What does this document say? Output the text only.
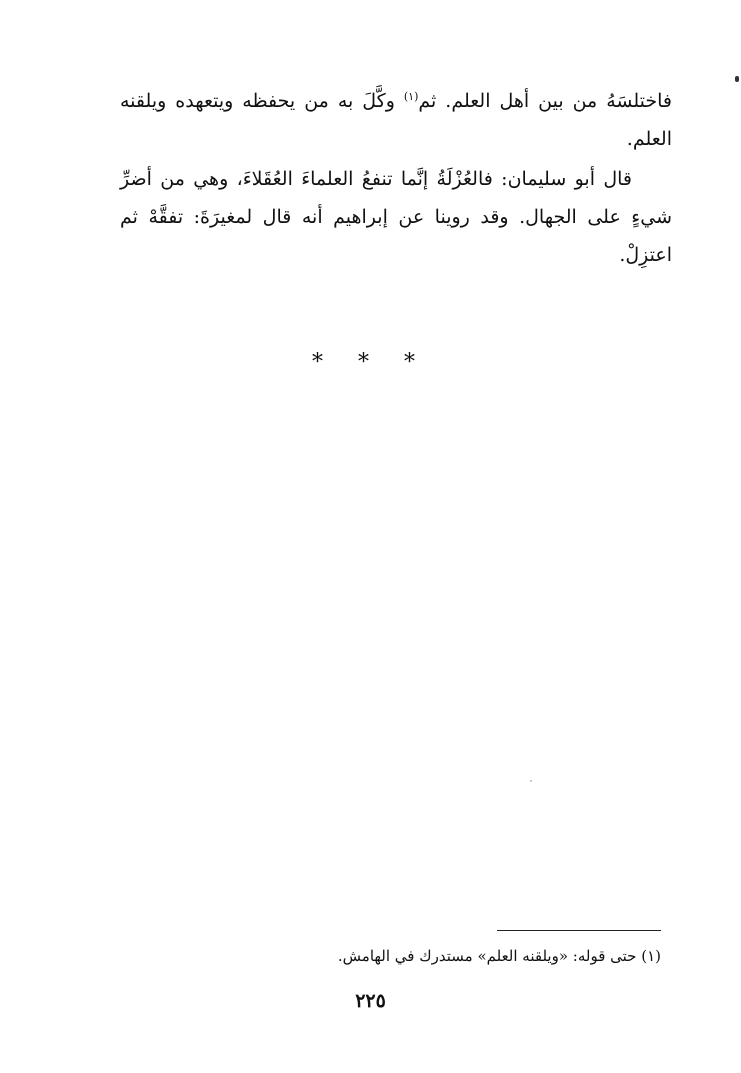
فاختلسَهُ من بين أهل العلم. ثم$^{(١)}$ وكَّلَ به من يحفظه ويتعهده ويلقنه العلم.

قال أبو سليمان: فالعُزْلَةُ إنَّما تنفعُ العلماءَ العُقَلاءَ، وهي من أضرِّ شيءٍ على الجهال. وقد روينا عن إبراهيم أنه قال لمغيرَةَ: تفقَّهْ ثم اعتزِلْ.

* * *
(١) حتى قوله: «ويلقنه العلم» مستدرك في الهامش.
٢٢٥
